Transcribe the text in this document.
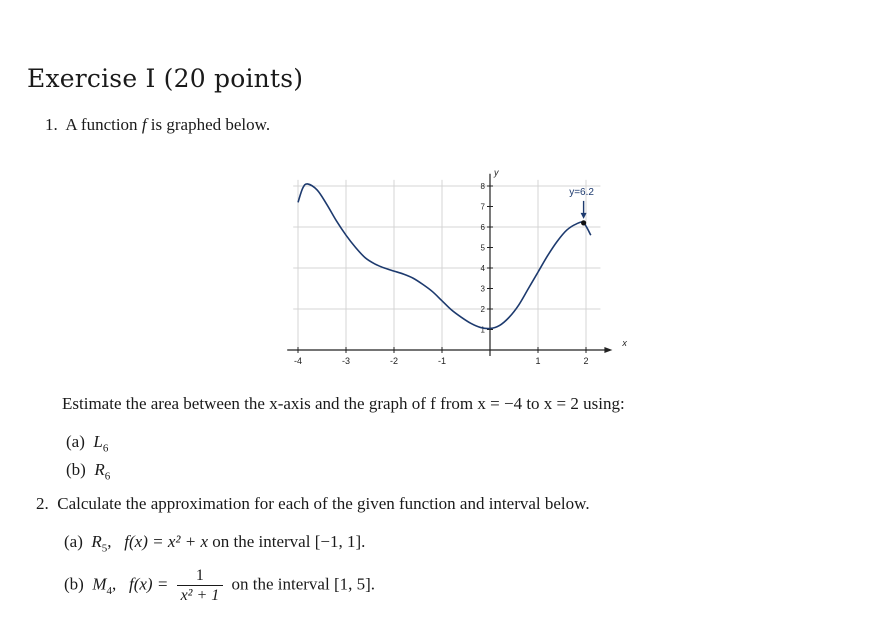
Exercise I (20 points)
1. A function f is graphed below.
x
y
-4	-3	-2	-1	1	2
1
2
3
4
5
6
7
8
y=6.2
Estimate the area between the x-axis and the graph of f from x = −4 to x = 2 using:
(a) $L_6$
(b) $R_6$
2. Calculate the approximation for each of the given function and interval below.
(a) $R_5$, f(x) = x² + x on the interval [−1, 1].
(b) $M_4$, $f(x) = \frac{1}{\text{x² + 1}}$ on the interval [1, 5].
